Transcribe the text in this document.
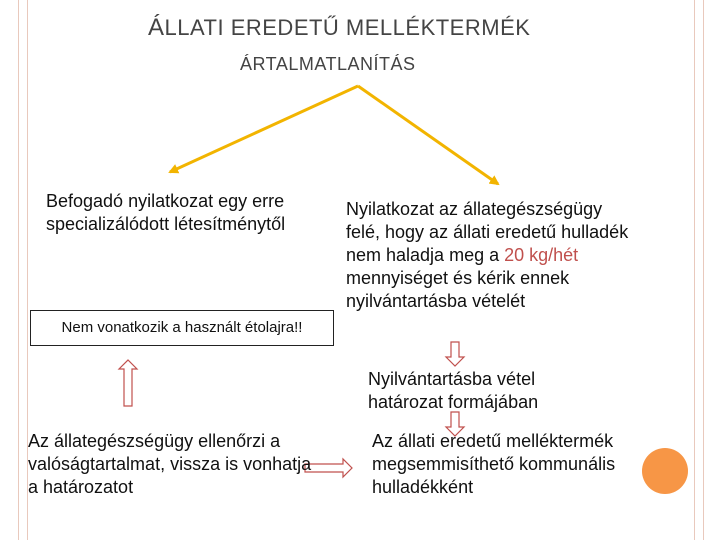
ÁLLATI EREDETŰ MELLÉKTERMÉK
ÁRTALMATLANÍTÁS
Befogadó nyilatkozat egy erre specializálódott létesítménytől
Nem vonatkozik a használt étolajra!!
Nyilatkozat az állategészségügy felé, hogy az állati eredetű hulladék nem haladja meg a 20 kg/hét mennyiséget és kérik ennek nyilvántartásba vételét
Nyilvántartásba vétel határozat formájában
Az állategészségügy ellenőrzi a valóságtartalmat, vissza is vonhatja a határozatot
Az állati eredetű melléktermék megsemmisíthető kommunális hulladékként
